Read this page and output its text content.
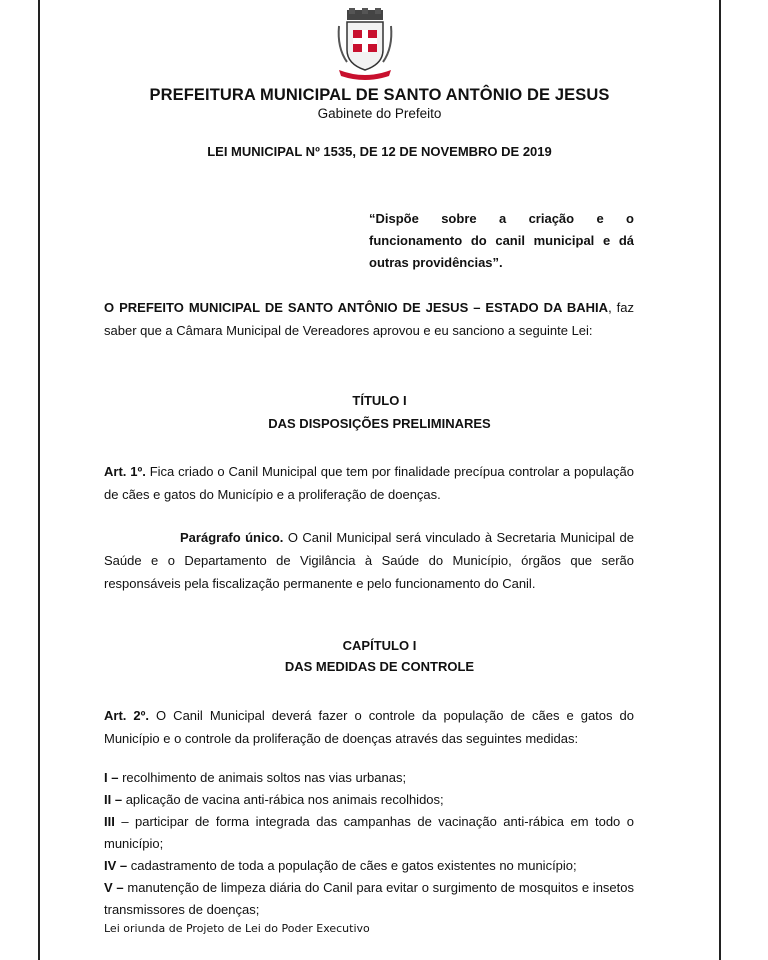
PREFEITURA MUNICIPAL DE SANTO ANTÔNIO DE JESUS
Gabinete do Prefeito
LEI MUNICIPAL Nº 1535, DE 12 DE NOVEMBRO DE 2019
“Dispõe sobre a criação e o funcionamento do canil municipal e dá outras providências”.
O PREFEITO MUNICIPAL DE SANTO ANTÔNIO DE JESUS – ESTADO DA BAHIA, faz saber que a Câmara Municipal de Vereadores aprovou e eu sanciono a seguinte Lei:
TÍTULO I
DAS DISPOSIÇÕES PRELIMINARES
Art. 1º. Fica criado o Canil Municipal que tem por finalidade precípua controlar a população de cães e gatos do Município e a proliferação de doenças.
Parágrafo único. O Canil Municipal será vinculado à Secretaria Municipal de Saúde e o Departamento de Vigilância à Saúde do Município, órgãos que serão responsáveis pela fiscalização permanente e pelo funcionamento do Canil.
CAPÍTULO I
DAS MEDIDAS DE CONTROLE
Art. 2º. O Canil Municipal deverá fazer o controle da população de cães e gatos do Município e o controle da proliferação de doenças através das seguintes medidas:
I – recolhimento de animais soltos nas vias urbanas;
II – aplicação de vacina anti-rábica nos animais recolhidos;
III – participar de forma integrada das campanhas de vacinação anti-rábica em todo o município;
IV – cadastramento de toda a população de cães e gatos existentes no município;
V – manutenção de limpeza diária do Canil para evitar o surgimento de mosquitos e insetos transmissores de doenças;
Lei oriunda de Projeto de Lei do Poder Executivo
